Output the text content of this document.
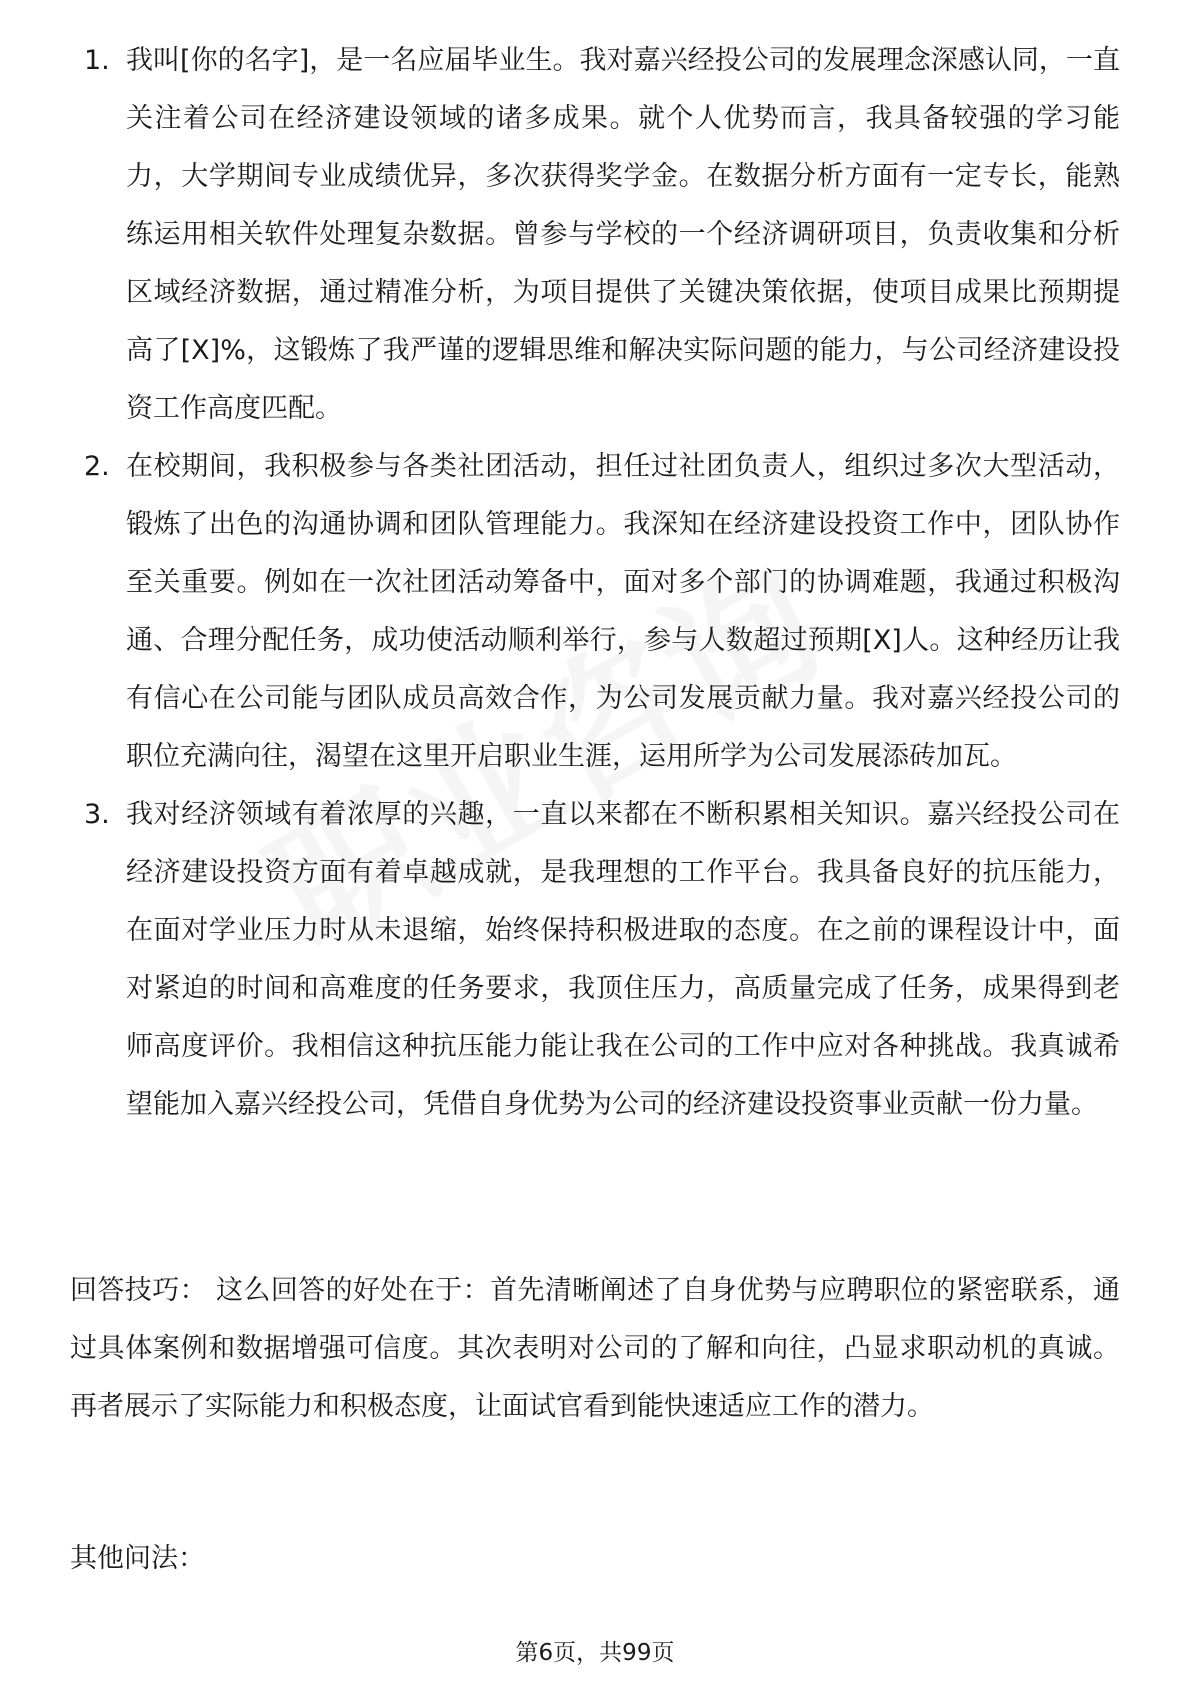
1. 我叫[你的名字]，是一名应届毕业生。我对嘉兴经投公司的发展理念深感认同，一直关注着公司在经济建设领域的诸多成果。就个人优势而言，我具备较强的学习能力，大学期间专业成绩优异，多次获得奖学金。在数据分析方面有一定专长，能熟练运用相关软件处理复杂数据。曾参与学校的一个经济调研项目，负责收集和分析区域经济数据，通过精准分析，为项目提供了关键决策依据，使项目成果比预期提高了[X]%，这锻炼了我严谨的逻辑思维和解决实际问题的能力，与公司经济建设投资工作高度匹配。
2. 在校期间，我积极参与各类社团活动，担任过社团负责人，组织过多次大型活动，锻炼了出色的沟通协调和团队管理能力。我深知在经济建设投资工作中，团队协作至关重要。例如在一次社团活动筹备中，面对多个部门的协调难题，我通过积极沟通、合理分配任务，成功使活动顺利举行，参与人数超过预期[X]人。这种经历让我有信心在公司能与团队成员高效合作，为公司发展贡献力量。我对嘉兴经投公司的职位充满向往，渴望在这里开启职业生涯，运用所学为公司发展添砖加瓦。
3. 我对经济领域有着浓厚的兴趣，一直以来都在不断积累相关知识。嘉兴经投公司在经济建设投资方面有着卓越成就，是我理想的工作平台。我具备良好的抗压能力，在面对学业压力时从未退缩，始终保持积极进取的态度。在之前的课程设计中，面对紧迫的时间和高难度的任务要求，我顶住压力，高质量完成了任务，成果得到老师高度评价。我相信这种抗压能力能让我在公司的工作中应对各种挑战。我真诚希望能加入嘉兴经投公司，凭借自身优势为公司的经济建设投资事业贡献一份力量。

回答技巧： 这么回答的好处在于：首先清晰阐述了自身优势与应聘职位的紧密联系，通过具体案例和数据增强可信度。其次表明对公司的了解和向往，凸显求职动机的真诚。再者展示了实际能力和积极态度，让面试官看到能快速适应工作的潜力。

其他问法：

第6页，共99页
